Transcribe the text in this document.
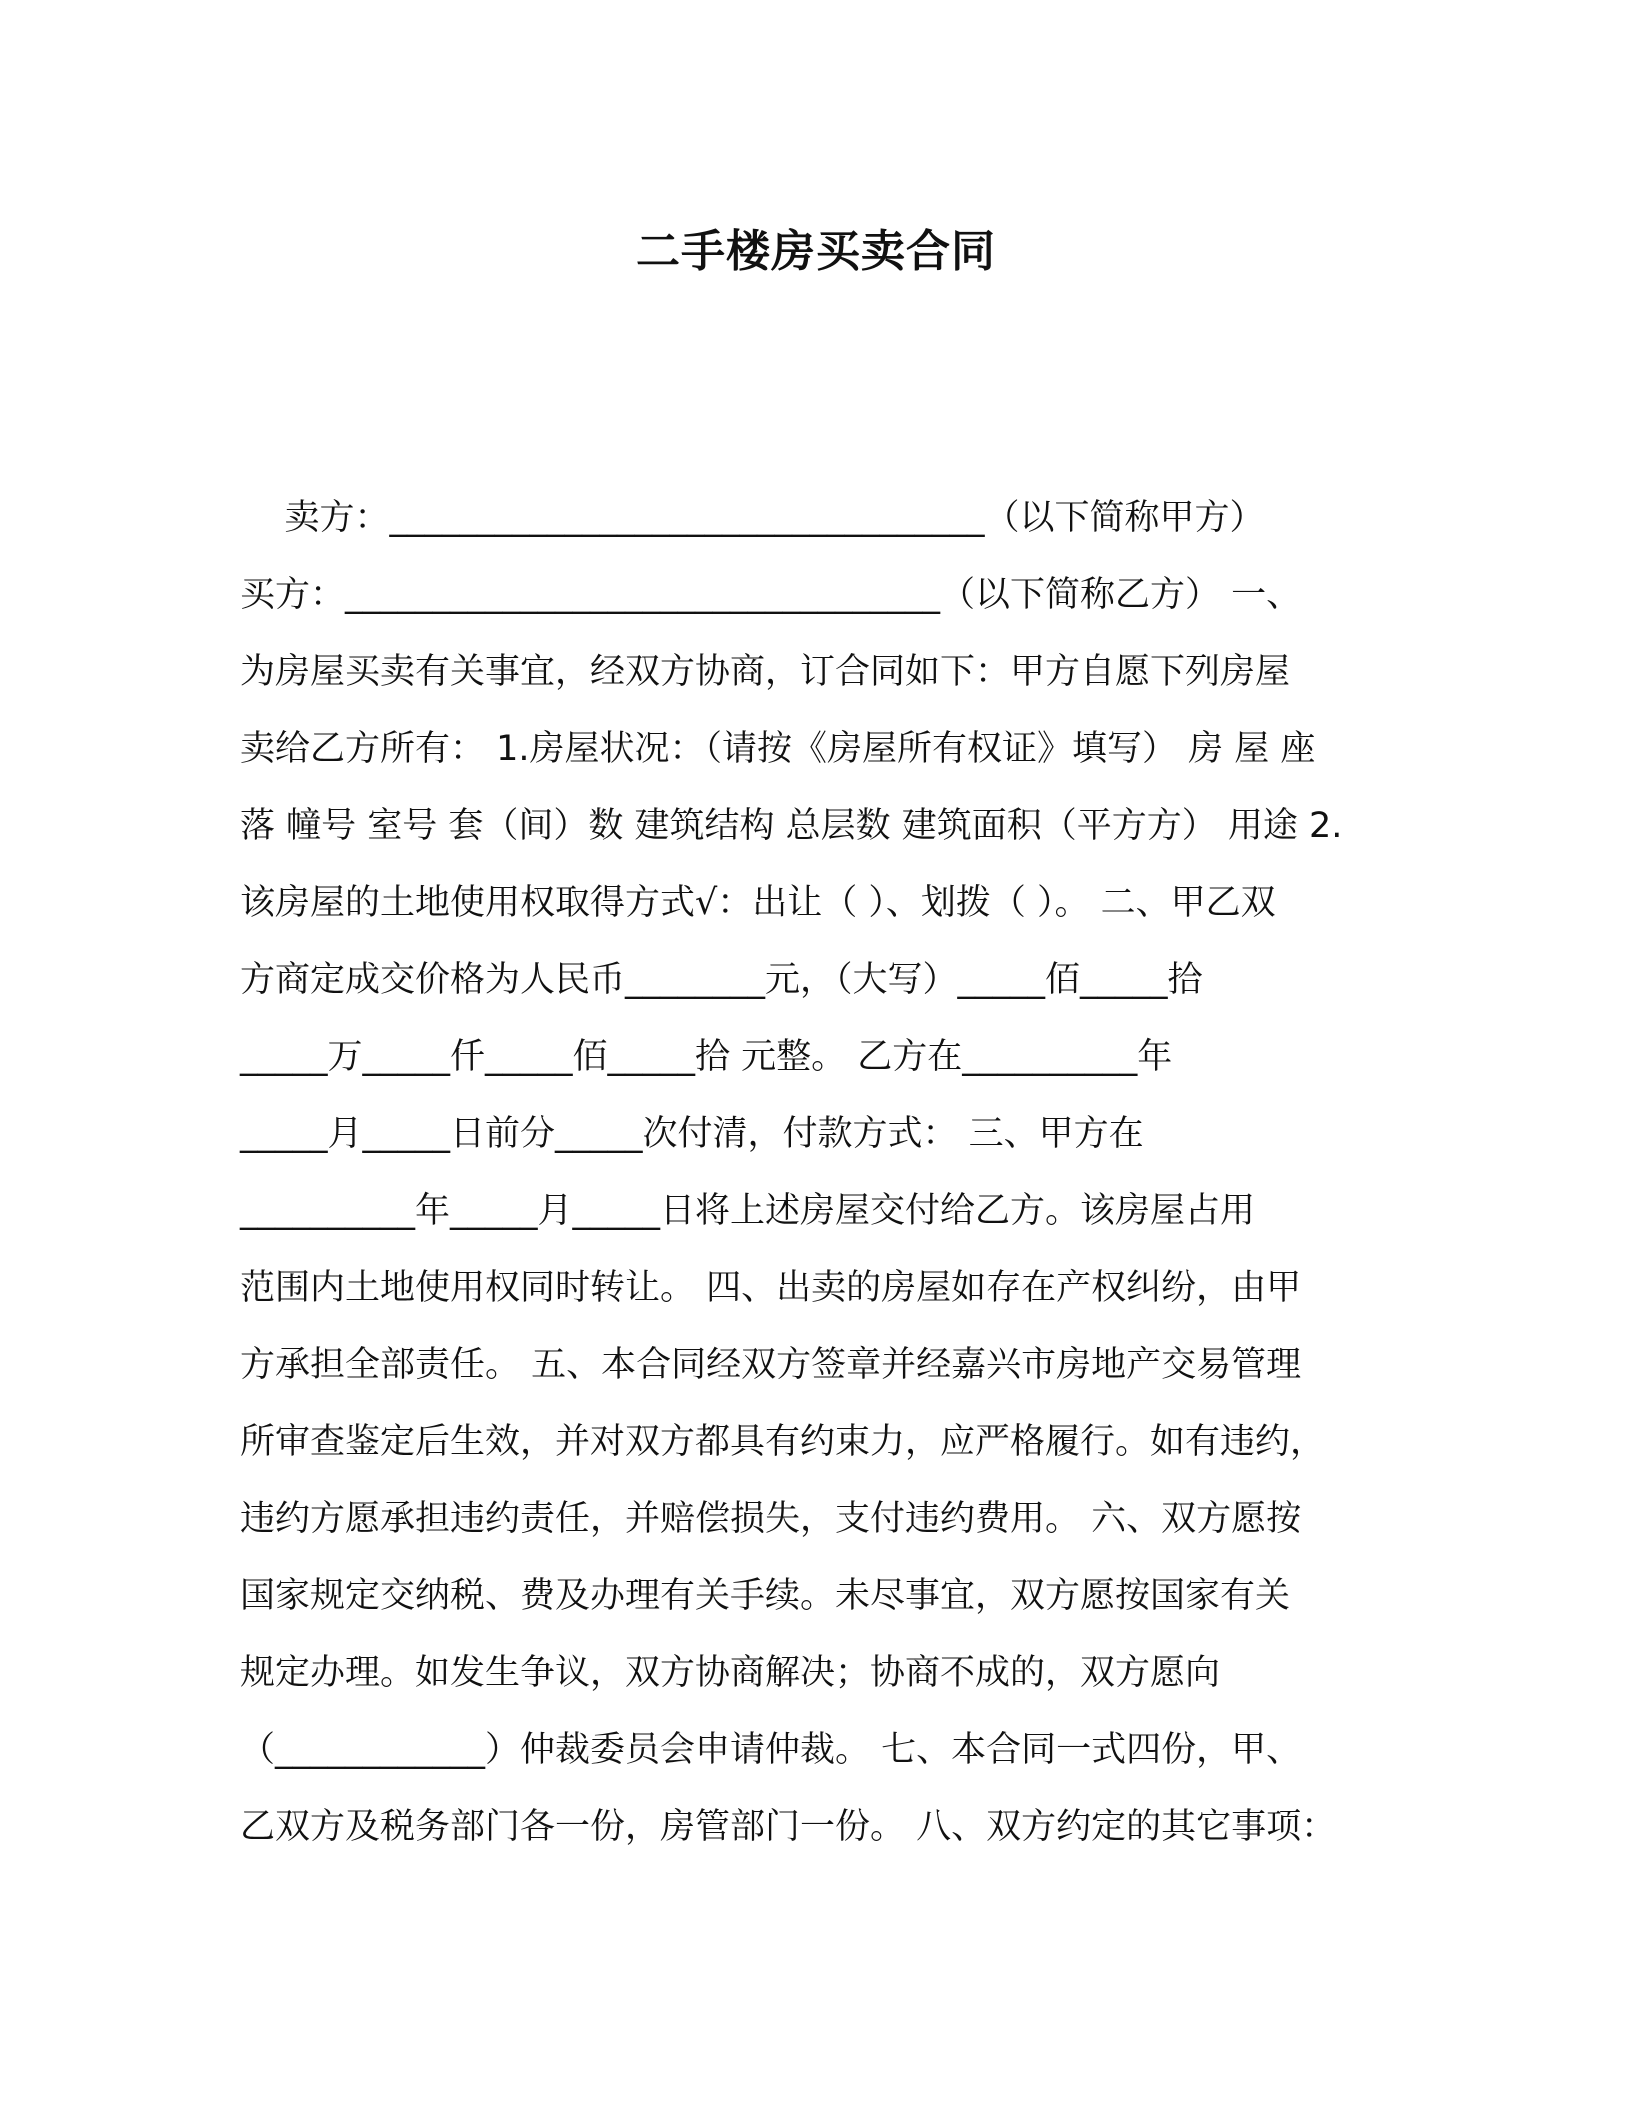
二手楼房买卖合同
卖方：__________________________________（以下简称甲方）
买方：__________________________________（以下简称乙方） 一、
为房屋买卖有关事宜，经双方协商，订合同如下：甲方自愿下列房屋
卖给乙方所有： 1.房屋状况：（请按《房屋所有权证》填写） 房 屋 座
落 幢号 室号 套（间）数 建筑结构 总层数 建筑面积（平方方） 用途 2.
该房屋的土地使用权取得方式√：出让（ ）、划拨（ ）。 二、甲乙双
方商定成交价格为人民币________元，（大写）_____佰_____拾
_____万_____仟_____佰_____拾 元整。 乙方在__________年
_____月_____日前分_____次付清，付款方式： 三、甲方在
__________年_____月_____日将上述房屋交付给乙方。该房屋占用
范围内土地使用权同时转让。 四、出卖的房屋如存在产权纠纷，由甲
方承担全部责任。 五、本合同经双方签章并经嘉兴市房地产交易管理
所审查鉴定后生效，并对双方都具有约束力，应严格履行。如有违约，
违约方愿承担违约责任，并赔偿损失，支付违约费用。 六、双方愿按
国家规定交纳税、费及办理有关手续。未尽事宜，双方愿按国家有关
规定办理。如发生争议，双方协商解决；协商不成的，双方愿向
（____________）仲裁委员会申请仲裁。 七、本合同一式四份，甲、
乙双方及税务部门各一份，房管部门一份。 八、双方约定的其它事项：
